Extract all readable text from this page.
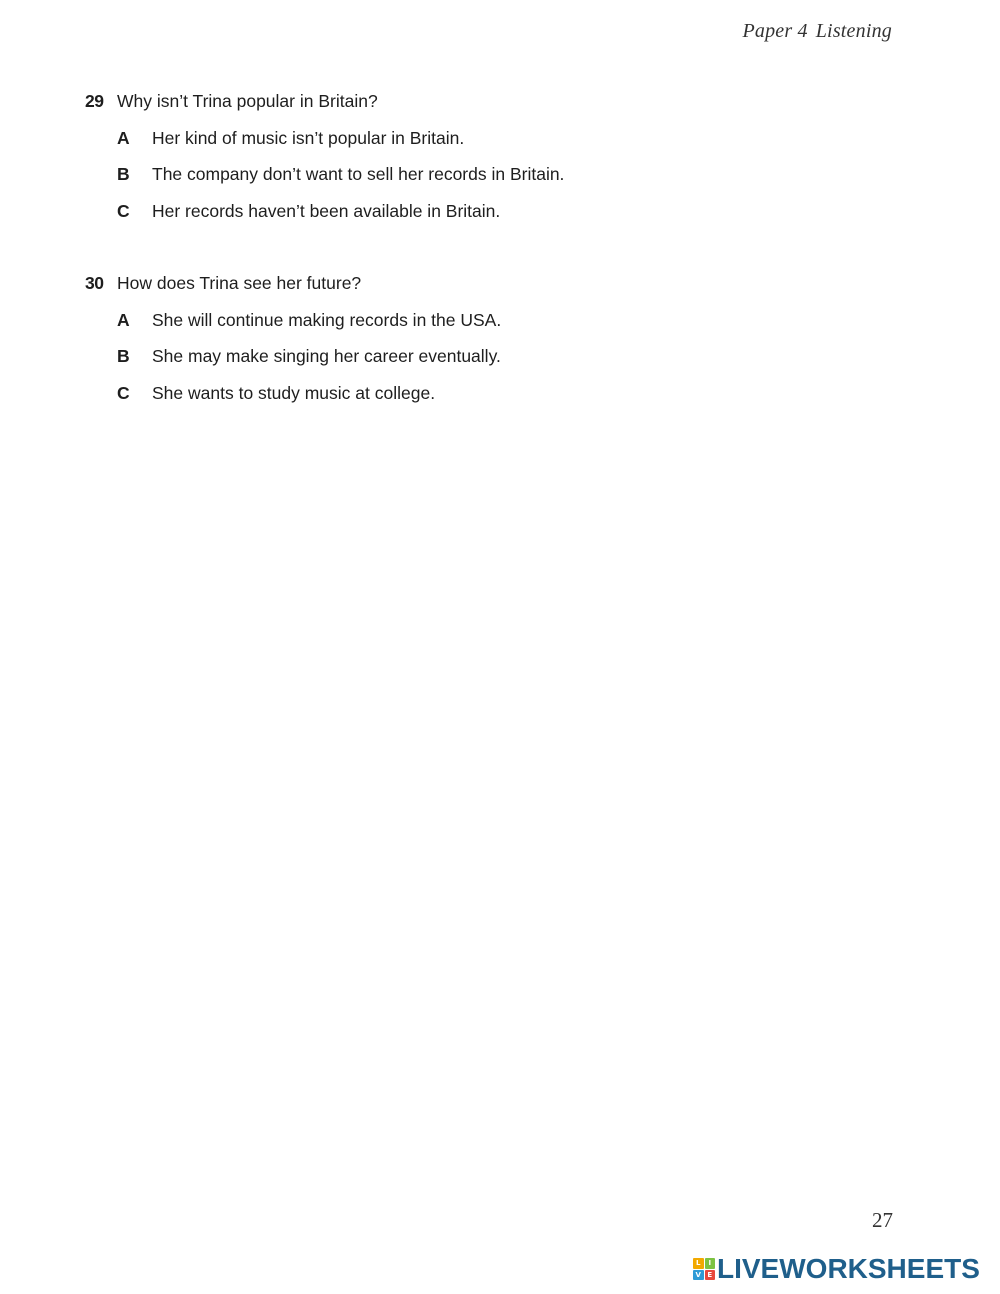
Paper 4 Listening
29 Why isn’t Trina popular in Britain?
A Her kind of music isn’t popular in Britain.
B The company don’t want to sell her records in Britain.
C Her records haven’t been available in Britain.
30 How does Trina see her future?
A She will continue making records in the USA.
B She may make singing her career eventually.
C She wants to study music at college.
27
L	I
V E LIVEWORKSHEETS
